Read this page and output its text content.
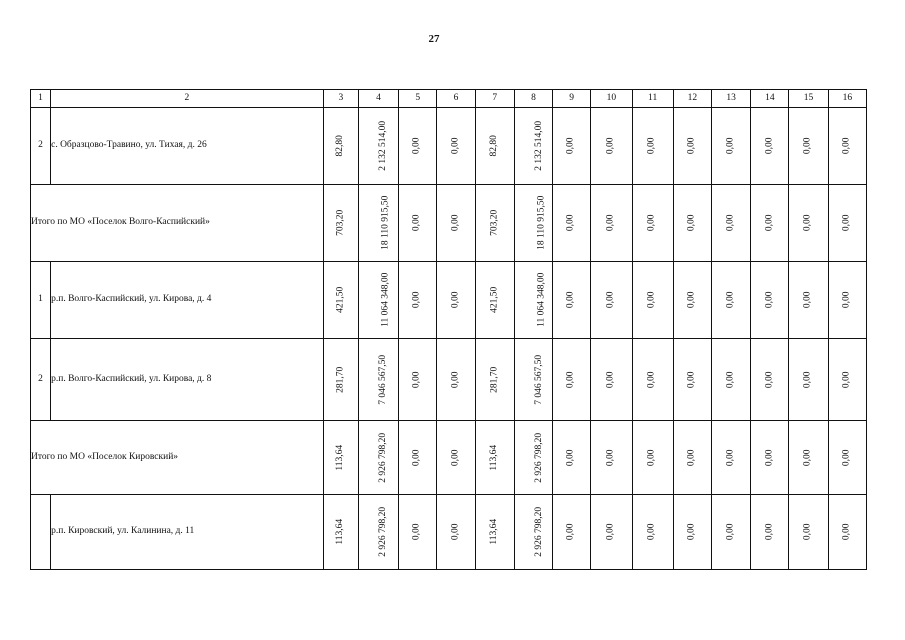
27
1	2	3	4	5	6	7	8	9	10	11	12	13	14	15	16
2	с. Образцово-Травино, ул. Тихая, д. 26	82,80	2 132 514,00	0,00	0,00	82,80	2 132 514,00	0,00	0,00	0,00	0,00	0,00	0,00	0,00	0,00
Итого по МО «Поселок Волго-Каспийский»		703,20	18 110 915,50	0,00	0,00	703,20	18 110 915,50	0,00	0,00	0,00	0,00	0,00	0,00	0,00	0,00
1	р.п. Волго-Каспийский, ул. Кирова, д. 4	421,50	11 064 348,00	0,00	0,00	421,50	11 064 348,00	0,00	0,00	0,00	0,00	0,00	0,00	0,00	0,00
2	р.п. Волго-Каспийский, ул. Кирова, д. 8	281,70	7 046 567,50	0,00	0,00	281,70	7 046 567,50	0,00	0,00	0,00	0,00	0,00	0,00	0,00	0,00
Итого по МО «Поселок Кировский»		113,64	2 926 798,20	0,00	0,00	113,64	2 926 798,20	0,00	0,00	0,00	0,00	0,00	0,00	0,00	0,00
	р.п. Кировский, ул. Калинина, д. 11	113,64	2 926 798,20	0,00	0,00	113,64	2 926 798,20	0,00	0,00	0,00	0,00	0,00	0,00	0,00	0,00
